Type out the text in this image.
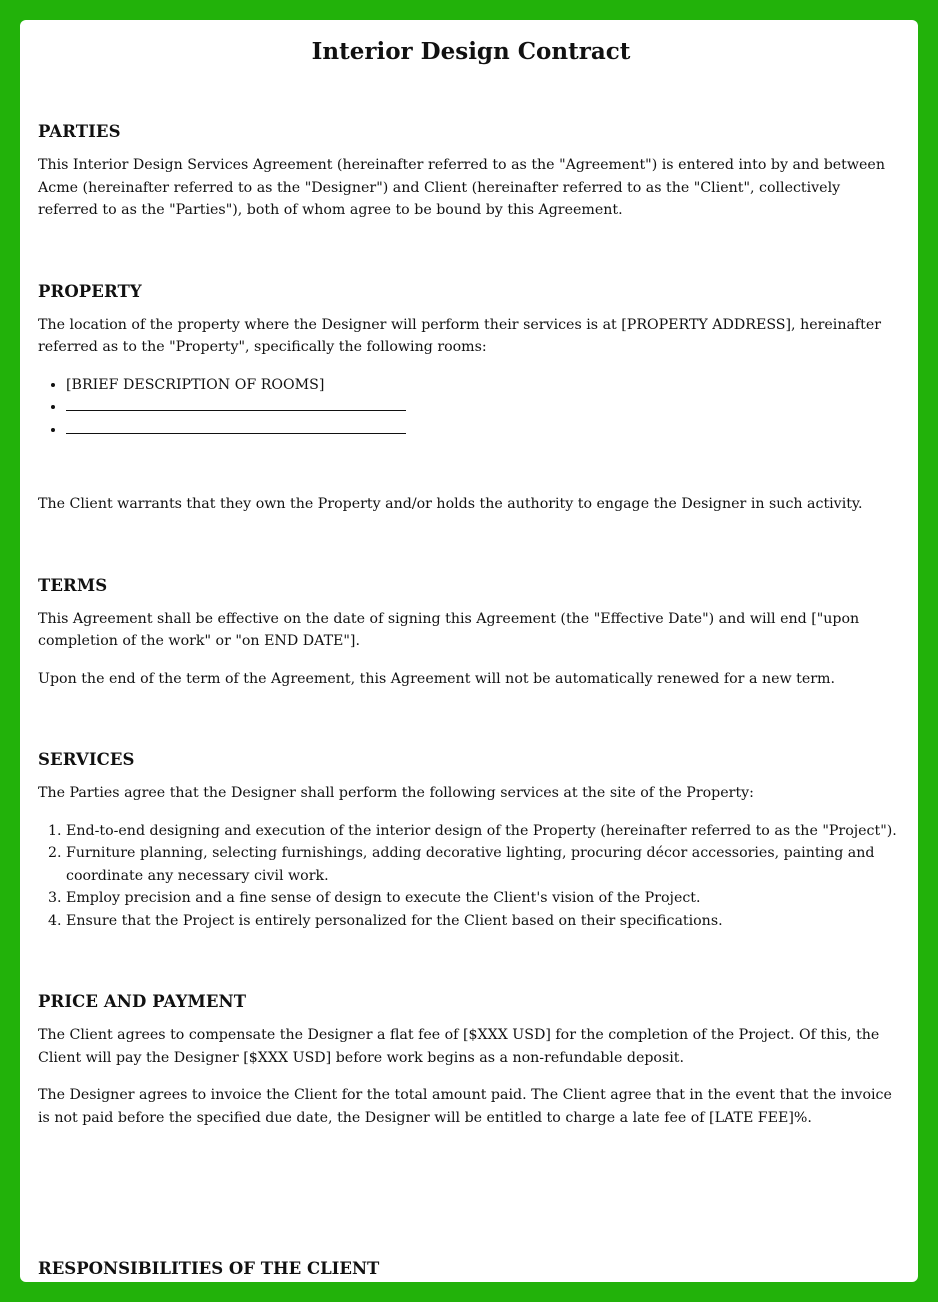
Interior Design Contract
PARTIES

This Interior Design Services Agreement (hereinafter referred to as the "Agreement") is entered into by and between Acme (hereinafter referred to as the "Designer") and Client (hereinafter referred to as the "Client", collectively referred to as the "Parties"), both of whom agree to be bound by this Agreement.

PROPERTY

The location of the property where the Designer will perform their services is at [PROPERTY ADDRESS], hereinafter referred as to the "Property", specifically the following rooms:

• [BRIEF DESCRIPTION OF ROOMS]
•
•

The Client warrants that they own the Property and/or holds the authority to engage the Designer in such activity.

TERMS

This Agreement shall be effective on the date of signing this Agreement (the "Effective Date") and will end ["upon completion of the work" or "on END DATE"].

Upon the end of the term of the Agreement, this Agreement will not be automatically renewed for a new term.

SERVICES

The Parties agree that the Designer shall perform the following services at the site of the Property:

1. End-to-end designing and execution of the interior design of the Property (hereinafter referred to as the "Project").
2. Furniture planning, selecting furnishings, adding decorative lighting, procuring décor accessories, painting and coordinate any necessary civil work.
3. Employ precision and a fine sense of design to execute the Client's vision of the Project.
4. Ensure that the Project is entirely personalized for the Client based on their specifications.
PRICE AND PAYMENT

The Client agrees to compensate the Designer a flat fee of [$XXX USD] for the completion of the Project. Of this, the Client will pay the Designer [$XXX USD] before work begins as a non-refundable deposit.

The Designer agrees to invoice the Client for the total amount paid. The Client agree that in the event that the invoice is not paid before the specified due date, the Designer will be entitled to charge a late fee of [LATE FEE]%.

RESPONSIBILITIES OF THE CLIENT
